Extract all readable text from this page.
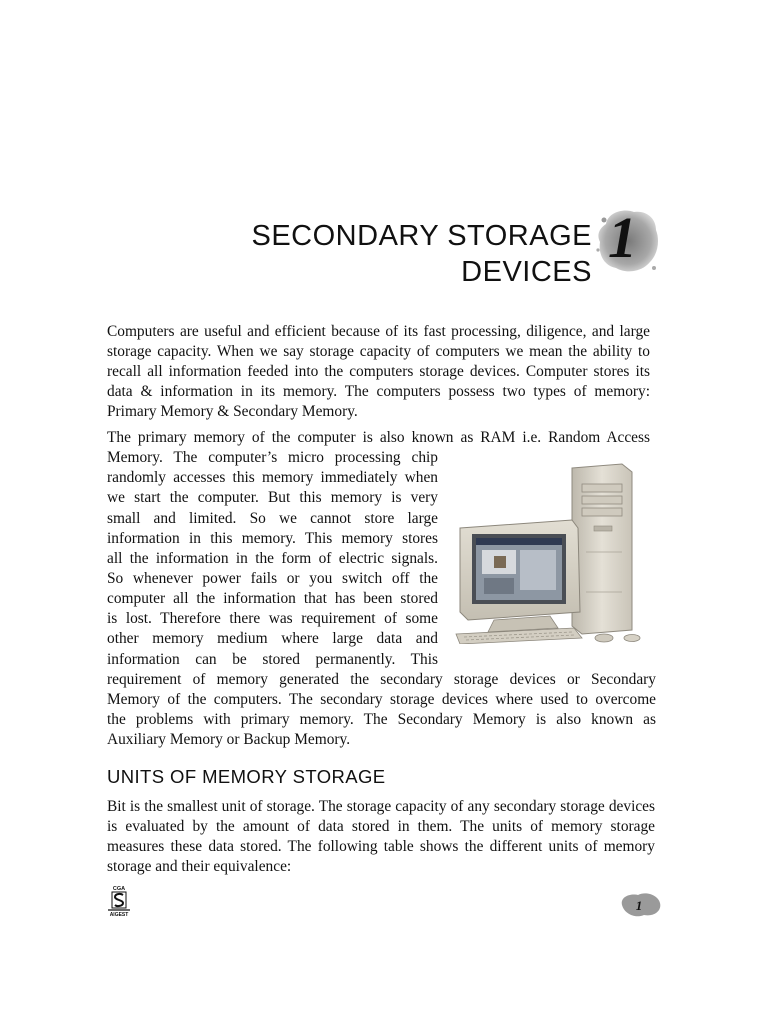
SECONDARY STORAGE
DEVICES
1

Computers are useful and efficient because of its fast processing, diligence, and large storage capacity. When we say storage capacity of computers we mean the ability to recall all information feeded into the computers storage devices. Computer stores its data & information in its memory. The computers possess two types of memory: Primary Memory & Secondary Memory.

The primary memory of the computer is also known as RAM i.e. Random Access
Memory. The computer’s micro processing chip
randomly accesses this memory immediately when
we start the computer. But this memory is very
small and limited. So we cannot store large
information in this memory. This memory stores
all the information in the form of electric signals.
So whenever power fails or you switch off the
computer all the information that has been stored
is lost. Therefore there was requirement of some
other memory medium where large data and
information can be stored permanently. This
requirement of memory generated the secondary storage devices or Secondary
Memory of the computers. The secondary storage devices where used to overcome
the problems with primary memory. The Secondary Memory is also known as
Auxiliary Memory or Backup Memory.
UNITS OF MEMORY STORAGE

Bit is the smallest unit of storage. The storage capacity of any secondary storage devices is evaluated by the amount of data stored in them. The units of memory storage measures these data stored. The following table shows the different units of memory storage and their equivalence:

CGA
AIGEST
1
